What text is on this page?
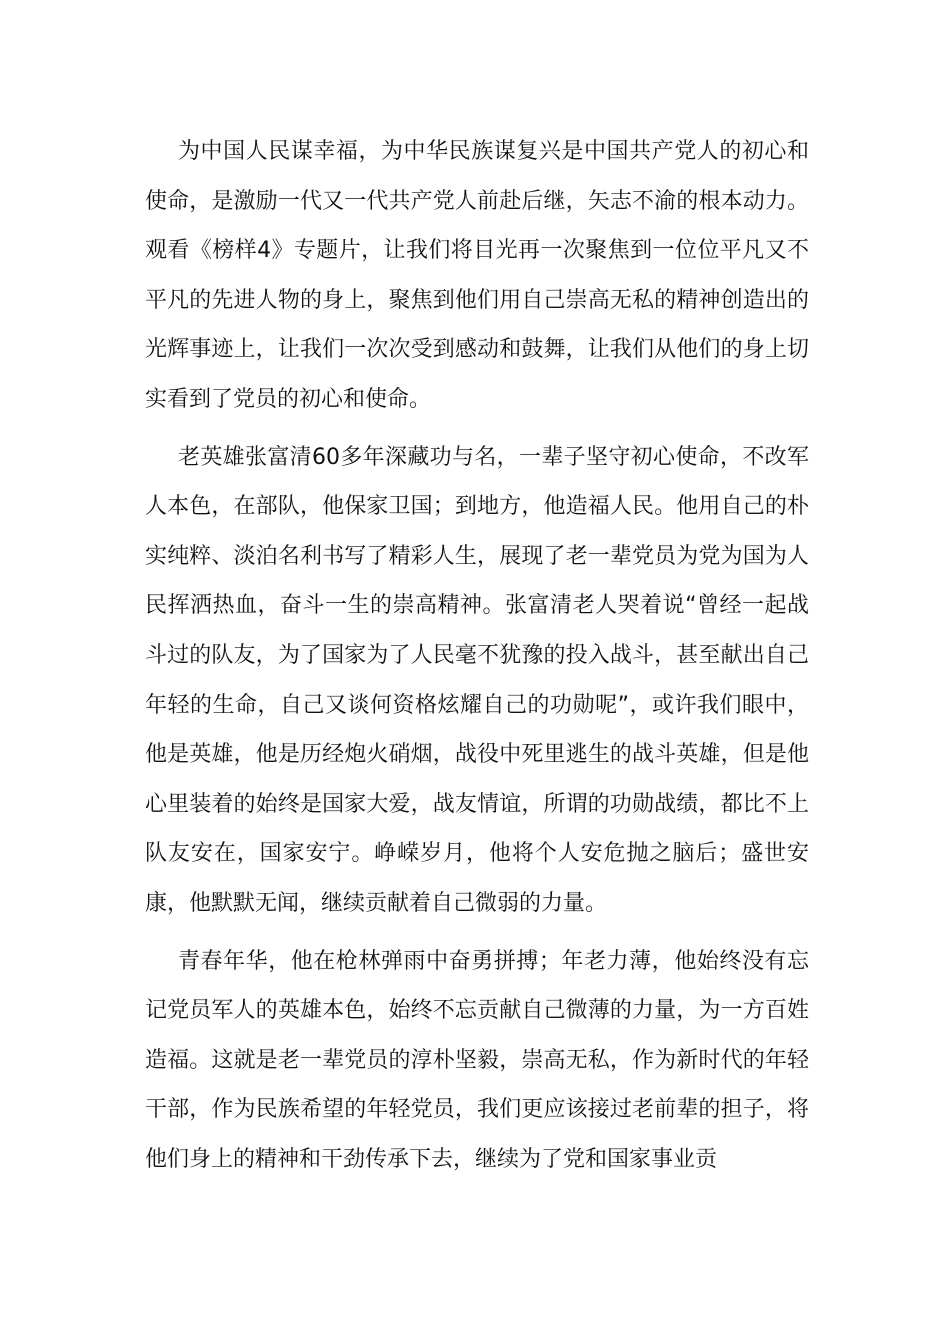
为中国人民谋幸福，为中华民族谋复兴是中国共产党人的初心和使命，是激励一代又一代共产党人前赴后继，矢志不渝的根本动力。观看《榜样4》专题片，让我们将目光再一次聚焦到一位位平凡又不平凡的先进人物的身上，聚焦到他们用自己崇高无私的精神创造出的光辉事迹上，让我们一次次受到感动和鼓舞，让我们从他们的身上切实看到了党员的初心和使命。

老英雄张富清60多年深藏功与名，一辈子坚守初心使命，不改军人本色，在部队，他保家卫国；到地方，他造福人民。他用自己的朴实纯粹、淡泊名利书写了精彩人生，展现了老一辈党员为党为国为人民挥洒热血，奋斗一生的崇高精神。张富清老人哭着说“曾经一起战斗过的队友，为了国家为了人民毫不犹豫的投入战斗，甚至献出自己年轻的生命，自己又谈何资格炫耀自己的功勋呢”，或许我们眼中，他是英雄，他是历经炮火硝烟，战役中死里逃生的战斗英雄，但是他心里装着的始终是国家大爱，战友情谊，所谓的功勋战绩，都比不上队友安在，国家安宁。峥嵘岁月，他将个人安危抛之脑后；盛世安康，他默默无闻，继续贡献着自己微弱的力量。

青春年华，他在枪林弹雨中奋勇拼搏；年老力薄，他始终没有忘记党员军人的英雄本色，始终不忘贡献自己微薄的力量，为一方百姓造福。这就是老一辈党员的淳朴坚毅，崇高无私，作为新时代的年轻干部，作为民族希望的年轻党员，我们更应该接过老前辈的担子，将他们身上的精神和干劲传承下去，继续为了党和国家事业贡
